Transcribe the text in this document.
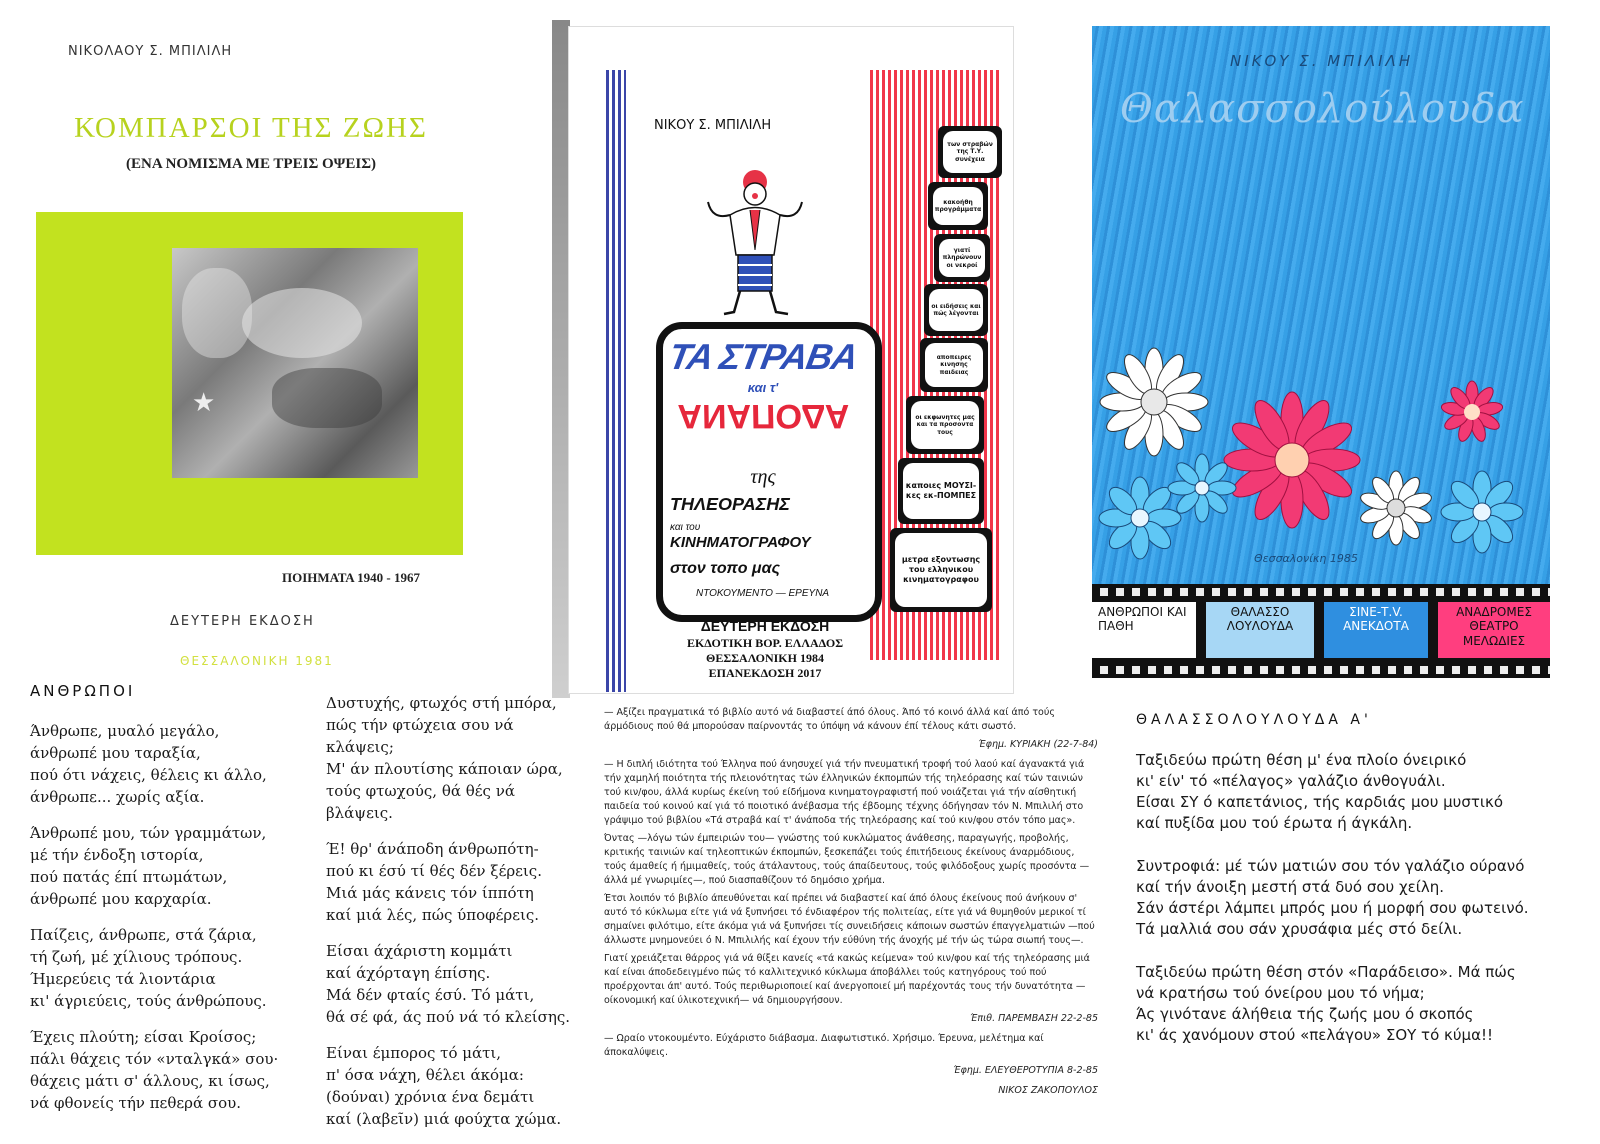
ΝΙΚΟΛΑΟΥ Σ. ΜΠΙΛΙΛΗ
ΚΟΜΠΑΡΣΟΙ ΤΗΣ ΖΩΗΣ
(ΕΝΑ ΝΟΜΙΣΜΑ ΜΕ ΤΡΕΙΣ ΟΨΕΙΣ)
★
ΠΟΙΗΜΑΤΑ 1940 - 1967
ΔΕΥΤΕΡΗ ΕΚΔΟΣΗ
ΘΕΣΣΑΛΟΝΙΚΗ 1981
ΝΙΚΟΥ Σ. ΜΠΙΛΙΛΗ
ΤΑ ΣΤΡΑΒΑ
και τ'
ΑΝΑΠΟΔΑ
της
ΤΗΛΕΟΡΑΣΗΣ
και του
ΚΙΝΗΜΑΤΟΓΡΑΦΟΥ
στον τοπο μας
ΝΤΟΚΟΥΜΕΝΤΟ — ΕΡΕΥΝΑ
ΔΕΥΤΕΡΗ ΕΚΔΟΣΗ
ΕΚΔΟΤΙΚΗ ΒΟΡ. ΕΛΛΑΔΟΣ
ΘΕΣΣΑΛΟΝΙΚΗ 1984
ΕΠΑΝΕΚΔΟΣΗ 2017
των στραβών της Τ.Υ. συνέχεια
κακοήθη προγράμματα
γιατί πληρώνουν οι νεκροί
οι ειδήσεις και πώς λέγονται
αποπειρες κινησης παιδειας
οι εκφωνητες μας και τα προσοντα τους
καποιες ΜΟΥΣΙ-κες εκ-ΠΟΜΠΕΣ
μετρα εξοντωσης του ελληνικου κινηματογραφου
ΝΙΚΟΥ Σ. ΜΠΙΛΙΛΗ
Θαλασσολούλουδα
Θεσσαλονίκη 1985
ΑΝΘΡΩΠΟΙ ΚΑΙ ΠΑΘΗ
ΘΑΛΑΣΣΟ ΛΟΥΛΟΥΔΑ
ΣΙΝΕ-Τ.V. ΑΝΕΚΔΟΤΑ
ΑΝΑΔΡΟΜΕΣ ΘΕΑΤΡΟ ΜΕΛΩΔΙΕΣ
ΑΝΘΡΩΠΟΙ
Άνθρωπε, μυαλό μεγάλο,
άνθρωπέ μου ταραξία,
πού ότι νάχεις, θέλεις κι άλλο,
άνθρωπε... χωρίς αξία.
Άνθρωπέ μου, τών γραμμάτων,
μέ τήν ένδοξη ιστορία,
πού πατάς έπί πτωμάτων,
άνθρωπέ μου καρχαρία.
Παίζεις, άνθρωπε, στά ζάρια,
τή ζωή, μέ χίλιους τρόπους.
Ήμερεύεις τά λιοντάρια
κι' άγριεύεις, τούς άνθρώπους.
Έχεις πλούτη; είσαι Κροίσος;
πάλι θάχεις τόν «νταλγκά» σου·
θάχεις μάτι σ' άλλους, κι ίσως,
νά φθονείς τήν πεθερά σου.
Δυστυχής, φτωχός στή μπόρα,
πώς τήν φτώχεια σου νά κλάψεις;
Μ' άν πλουτίσης κάποιαν ώρα,
τούς φτωχούς, θά θές νά βλάψεις.
Έ! θρ' άνάποδη άνθρωπότη-
πού κι έσύ τί θές δέν ξέρεις.
Μιά μάς κάνεις τόν ίππότη
καί μιά λές, πώς ύποφέρεις.
Είσαι άχάριστη κομμάτι
καί άχόρταγη έπίσης.
Μά δέν φταίς έσύ. Τό μάτι,
θά σέ φά, άς πού νά τό κλείσης.
Είναι έμπορος τό μάτι,
π' όσα νάχη, θέλει άκόμα:
(δούναι) χρόνια ένα δεμάτι
καί (λαβεῖν) μιά φούχτα χώμα.
— Αξίζει πραγματικά τό βιβλίο αυτό νά διαβαστεί άπό όλους. Άπό τό κοινό άλλά καί άπό τούς άρμόδιους πού θά μπορούσαν παίρνοντάς το ύπόψη νά κάνουν έπί τέλους κάτι σωστό.
Έφημ. ΚΥΡΙΑΚΗ (22-7-84)
— Η διπλή ιδιότητα τού Έλληνα πού άνησυχεί γιά τήν πνευματική τροφή τού λαού καί άγανακτά γιά τήν χαμηλή ποιότητα τής πλειονότητας τών έλληνικών έκπομπών τής τηλεόρασης καί τών ταινιών τού κιν/φου, άλλά κυρίως έκείνη τού είδήμονα κινηματογραφιστή πού νοιάζεται γιά τήν αίσθητική παιδεία τού κοινού καί γιά τό ποιοτικό άνέβασμα τής έβδομης τέχνης όδήγησαν τόν Ν. Μπιλιλή στο γράψιμο τού βιβλίου «Τά στραβά καί τ' άνάποδα τής τηλεόρασης καί τού κιν/φου στόν τόπο μας».
Όντας —λόγω τών έμπειριών του— γνώστης τού κυκλώματος άνάθεσης, παραγωγής, προβολής, κριτικής ταινιών καί τηλεοπτικών έκπομπών, ξεσκεπάζει τούς έπιτήδειους έκείνους άναρμόδιους, τούς άμαθείς ή ήμιμαθείς, τούς άτάλαντους, τούς άπαίδευτους, τούς φιλόδοξους χωρίς προσόντα —άλλά μέ γνωριμίες—, πού διασπαθίζουν τό δημόσιο χρήμα.
Έτσι λοιπόν τό βιβλίο άπευθύνεται καί πρέπει νά διαβαστεί καί άπό όλους έκείνους πού άνήκουν σ' αυτό τό κύκλωμα είτε γιά νά ξυπνήσει τό ένδιαφέρον τής πολιτείας, είτε γιά νά θυμηθούν μερικοί τί σημαίνει φιλότιμο, είτε άκόμα γιά νά ξυπνήσει τίς συνειδήσεις κάποιων σωστών έπαγγελματιών —πού άλλωστε μνημονεύει ό Ν. Μπιλιλής καί έχουν τήν εύθύνη τής άνοχής μέ τήν ώς τώρα σιωπή τους—.
Γιατί χρειάζεται θάρρος γιά νά θίξει κανείς «τά κακώς κείμενα» τού κιν/φου καί τής τηλεόρασης μιά καί είναι άποδεδειγμένο πώς τό καλλιτεχνικό κύκλωμα άποβάλλει τούς κατηγόρους τού πού προέρχονται άπ' αυτό. Τούς περιθωριοποιεί καί άνεργοποιεί μή παρέχοντάς τους τήν δυνατότητα —οίκονομική καί ύλικοτεχνική— νά δημιουργήσουν.
Έπιθ. ΠΑΡΕΜΒΑΣΗ 22-2-85
— Ωραίο ντοκουμέντο. Εύχάριστο διάβασμα. Διαφωτιστικό. Χρήσιμο. Έρευνα, μελέτημα καί άποκαλύψεις.
Έφημ. ΕΛΕΥΘΕΡΟΤΥΠΙΑ 8-2-85
ΝΙΚΟΣ ΖΑΚΟΠΟΥΛΟΣ
ΘΑΛΑΣΣΟΛΟΥΛΟΥΔΑ Α'
Ταξιδεύω πρώτη θέση μ' ένα πλοίο όνειρικό
κι' είν' τό «πέλαγος» γαλάζιο άνθογυάλι.
Είσαι ΣΥ ό καπετάνιος, τής καρδιάς μου μυστικό
καί πυξίδα μου τού έρωτα ή άγκάλη.
Συντροφιά: μέ τών ματιών σου τόν γαλάζιο ούρανό
καί τήν άνοιξη μεστή στά δυό σου χείλη.
Σάν άστέρι λάμπει μπρός μου ή μορφή σου φωτεινό.
Τά μαλλιά σου σάν χρυσάφια μές στό δείλι.
Ταξιδεύω πρώτη θέση στόν «Παράδεισο». Μά πώς
νά κρατήσω τού όνείρου μου τό νήμα;
Άς γινότανε άλήθεια τής ζωής μου ό σκοπός
κι' άς χανόμουν στού «πελάγου» ΣΟΥ τό κύμα!!
